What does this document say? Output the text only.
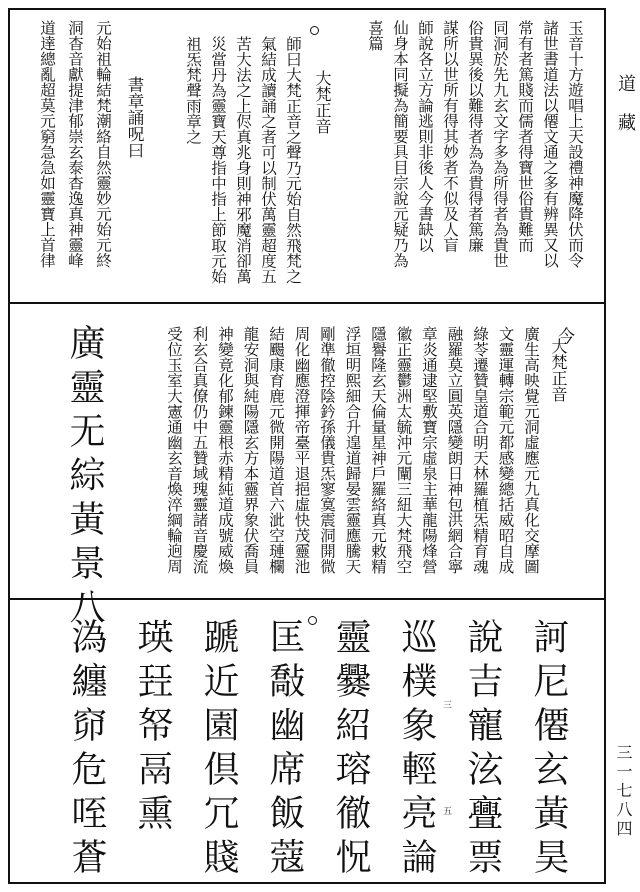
玉音十方遊唱上天設禮神魔降伏而令
諸世書道法以僊文通之多有辨異又以
常有者篤賤而儒者得寶世俗貴難而
同洞於先九玄文字多為所得者為貴世
俗貴異後以難得者為為貴得者篤廉
謀所以世所有得其妙者不似及人盲
師說各立方論逃則非後人今書缺以
仙身本同擬為簡要具目宗說元疑乃為
喜篇
大梵正音
師曰大梵正音之聲乃元始自然飛梵之
氣結成讀誦之者可以制伏萬靈超度五
苦大法之上侭真兆身則神邪魔消卻萬
災當丹為靈寶天尊指中指上節取元始
祖炁梵聲雨章之
書章誦呪曰
元始祖輪結梵潮絡自然靈妙元始元終
洞杳音獻提津郁崇玄泰杳逸真神靈峰
道達總亂超莫元窮急急如靈寶上首律
今
大梵正音
廣生高映覺元洞虛應元九真化交摩圖
文靈運轉宗範元都感變總括威昭自成
綠苓遷贊皇道合明天林羅植炁精育魂
融羅莫立圓英隱變朗日神包洪網合寧
章炎通逮堅敷寶宗虛泉主華龍陽烽營
徽正靈鬱洲太毓沖元闡三紐大梵飛空
隱譽隆玄天倫量星神戶羅絡真元敕精
浮垣明熙細合升遑道歸晏雲靈應騰天
剛準徹控陰鈐孫儀貴炁寥寞震洞開微
周化幽應澄揮帝臺平退挹虛快茂靈池
結颺康育鹿元微開陽道首六泚空璉欄
龍安洞與純陽隱玄方本靈界象伏喬員
神變竟化郁鍊靈根赤精純道成號威煥
利玄合真僚仍中五贊域瑰靈諸音慶流
受位玉室大憲通幽玄音煥淬綱輪逈周
廣靈无綜黃景八
訶尼僊玄黃昊
說吉寵泫亹票
巡樸象輕亮論
靈爨紹瑢徹怳
匡敽幽席飯蔻
蹏近園倶冗賤
瑛㠭帑鬲熏
溈纏窌危咥蒼	三
五
道
藏
三一七八四
